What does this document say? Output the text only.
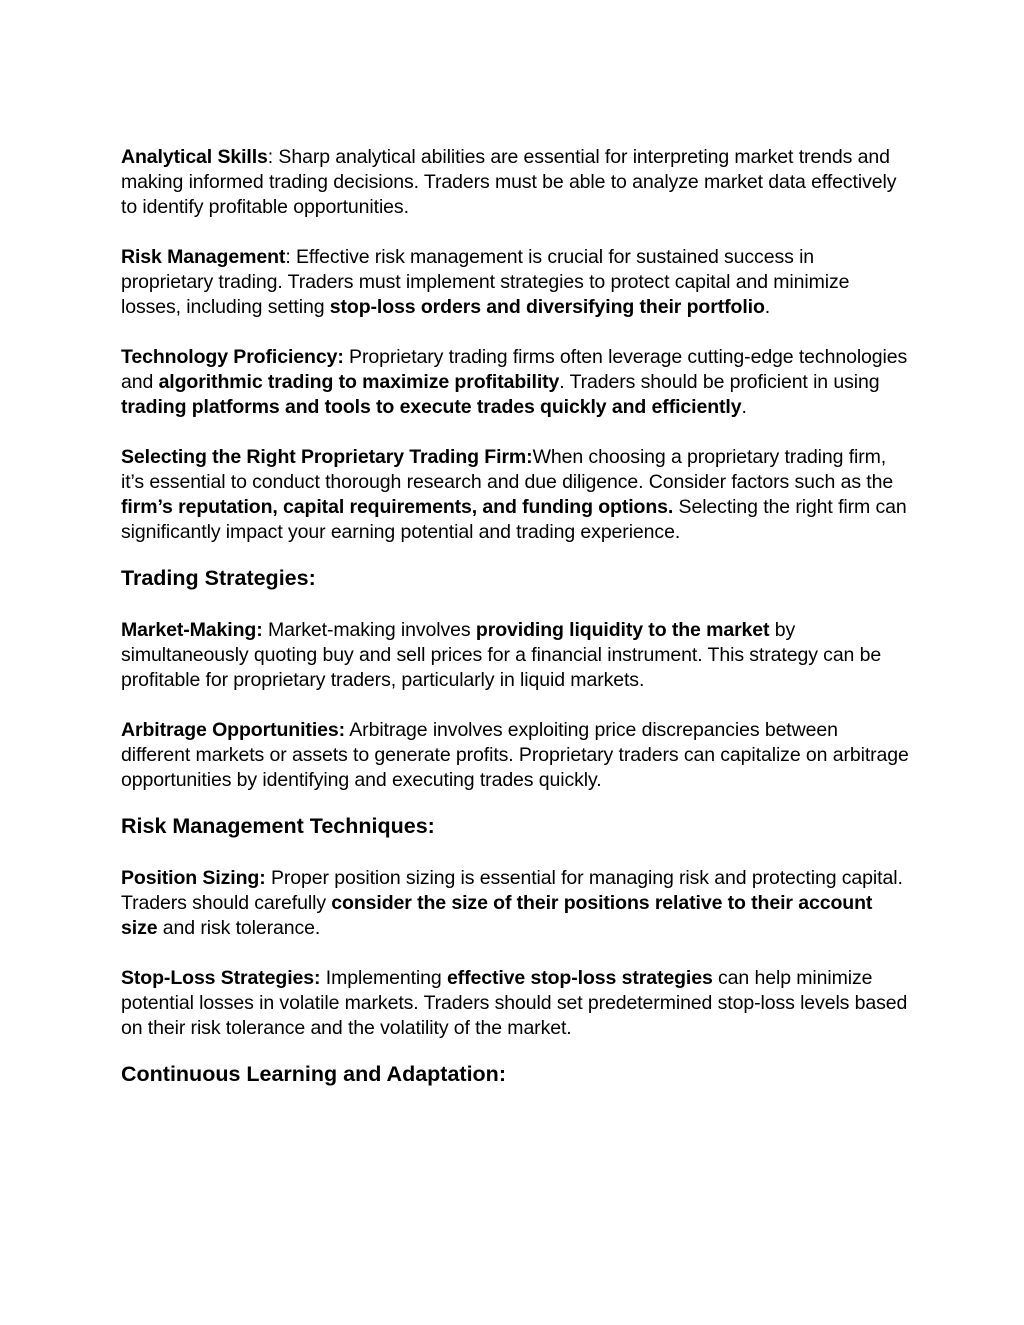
Analytical Skills: Sharp analytical abilities are essential for interpreting market trends and making informed trading decisions. Traders must be able to analyze market data effectively to identify profitable opportunities.

Risk Management: Effective risk management is crucial for sustained success in proprietary trading. Traders must implement strategies to protect capital and minimize losses, including setting stop-loss orders and diversifying their portfolio.

Technology Proficiency: Proprietary trading firms often leverage cutting-edge technologies and algorithmic trading to maximize profitability. Traders should be proficient in using trading platforms and tools to execute trades quickly and efficiently.

Selecting the Right Proprietary Trading Firm:When choosing a proprietary trading firm, it’s essential to conduct thorough research and due diligence. Consider factors such as the firm’s reputation, capital requirements, and funding options. Selecting the right firm can significantly impact your earning potential and trading experience.

Trading Strategies:

Market-Making: Market-making involves providing liquidity to the market by simultaneously quoting buy and sell prices for a financial instrument. This strategy can be profitable for proprietary traders, particularly in liquid markets.

Arbitrage Opportunities: Arbitrage involves exploiting price discrepancies between different markets or assets to generate profits. Proprietary traders can capitalize on arbitrage opportunities by identifying and executing trades quickly.

Risk Management Techniques:

Position Sizing: Proper position sizing is essential for managing risk and protecting capital. Traders should carefully consider the size of their positions relative to their account size and risk tolerance.

Stop-Loss Strategies: Implementing effective stop-loss strategies can help minimize potential losses in volatile markets. Traders should set predetermined stop-loss levels based on their risk tolerance and the volatility of the market.

Continuous Learning and Adaptation:
